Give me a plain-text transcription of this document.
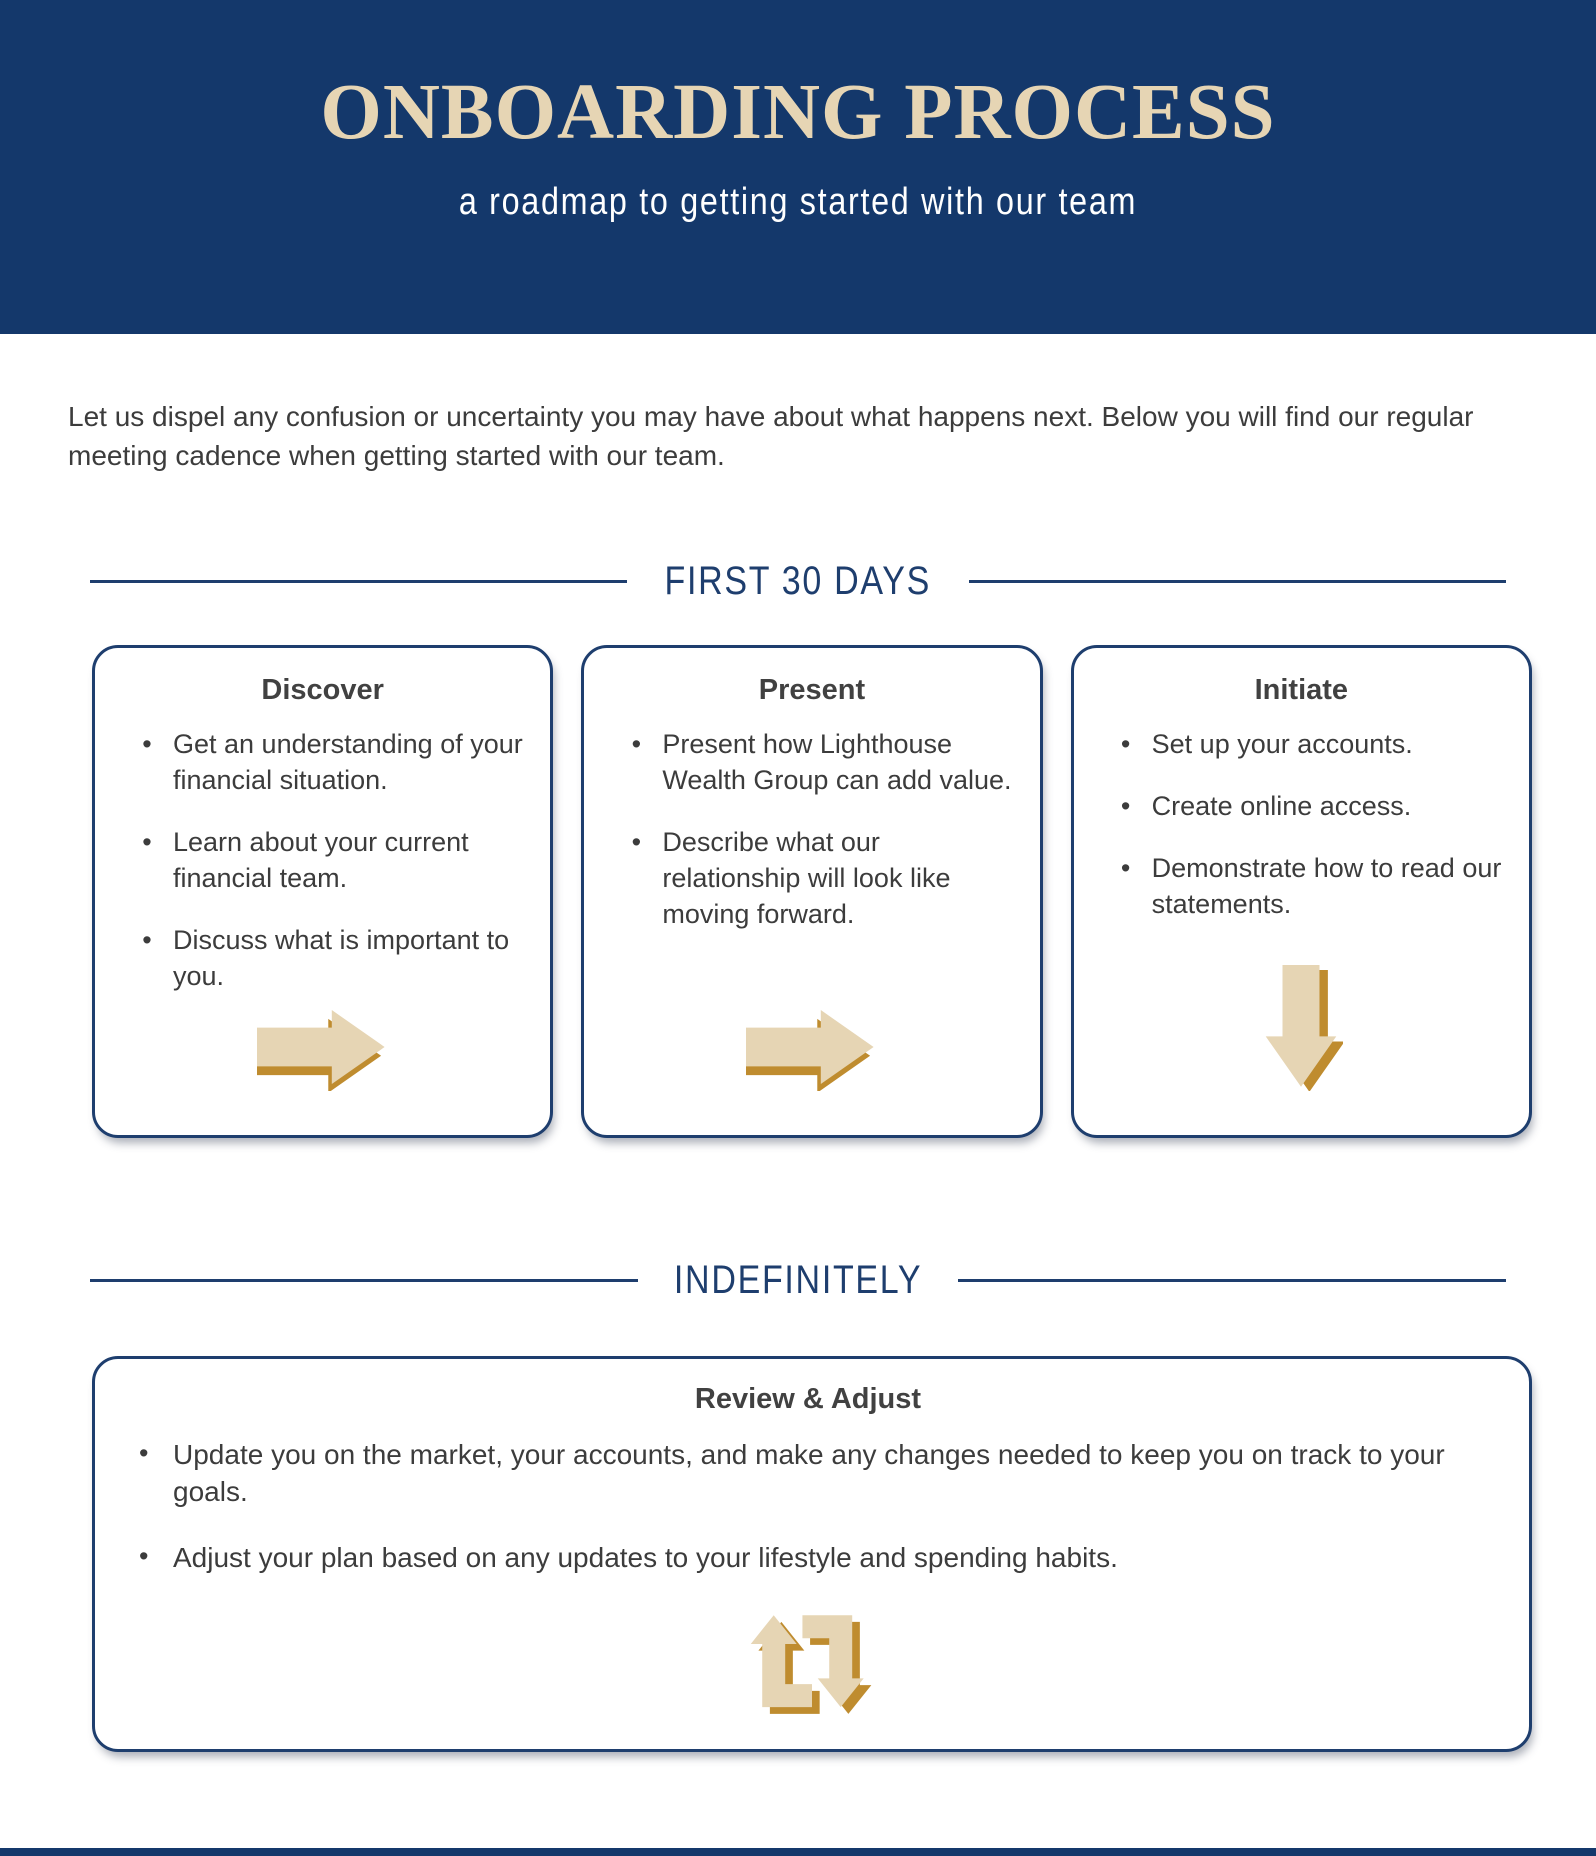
ONBOARDING PROCESS

a roadmap to getting started with our team

Let us dispel any confusion or uncertainty you may have about what happens next. Below you will find our regular meeting cadence when getting started with our team.

FIRST 30 DAYS
Discover
• Get an understanding of your financial situation.
• Learn about your current financial team.
• Discuss what is important to you.
Present
• Present how Lighthouse Wealth Group can add value.
• Describe what our relationship will look like moving forward.
Initiate
• Set up your accounts.
• Create online access.
• Demonstrate how to read our statements.
INDEFINITELY
Review & Adjust
• Update you on the market, your accounts, and make any changes needed to keep you on track to your goals.
• Adjust your plan based on any updates to your lifestyle and spending habits.
